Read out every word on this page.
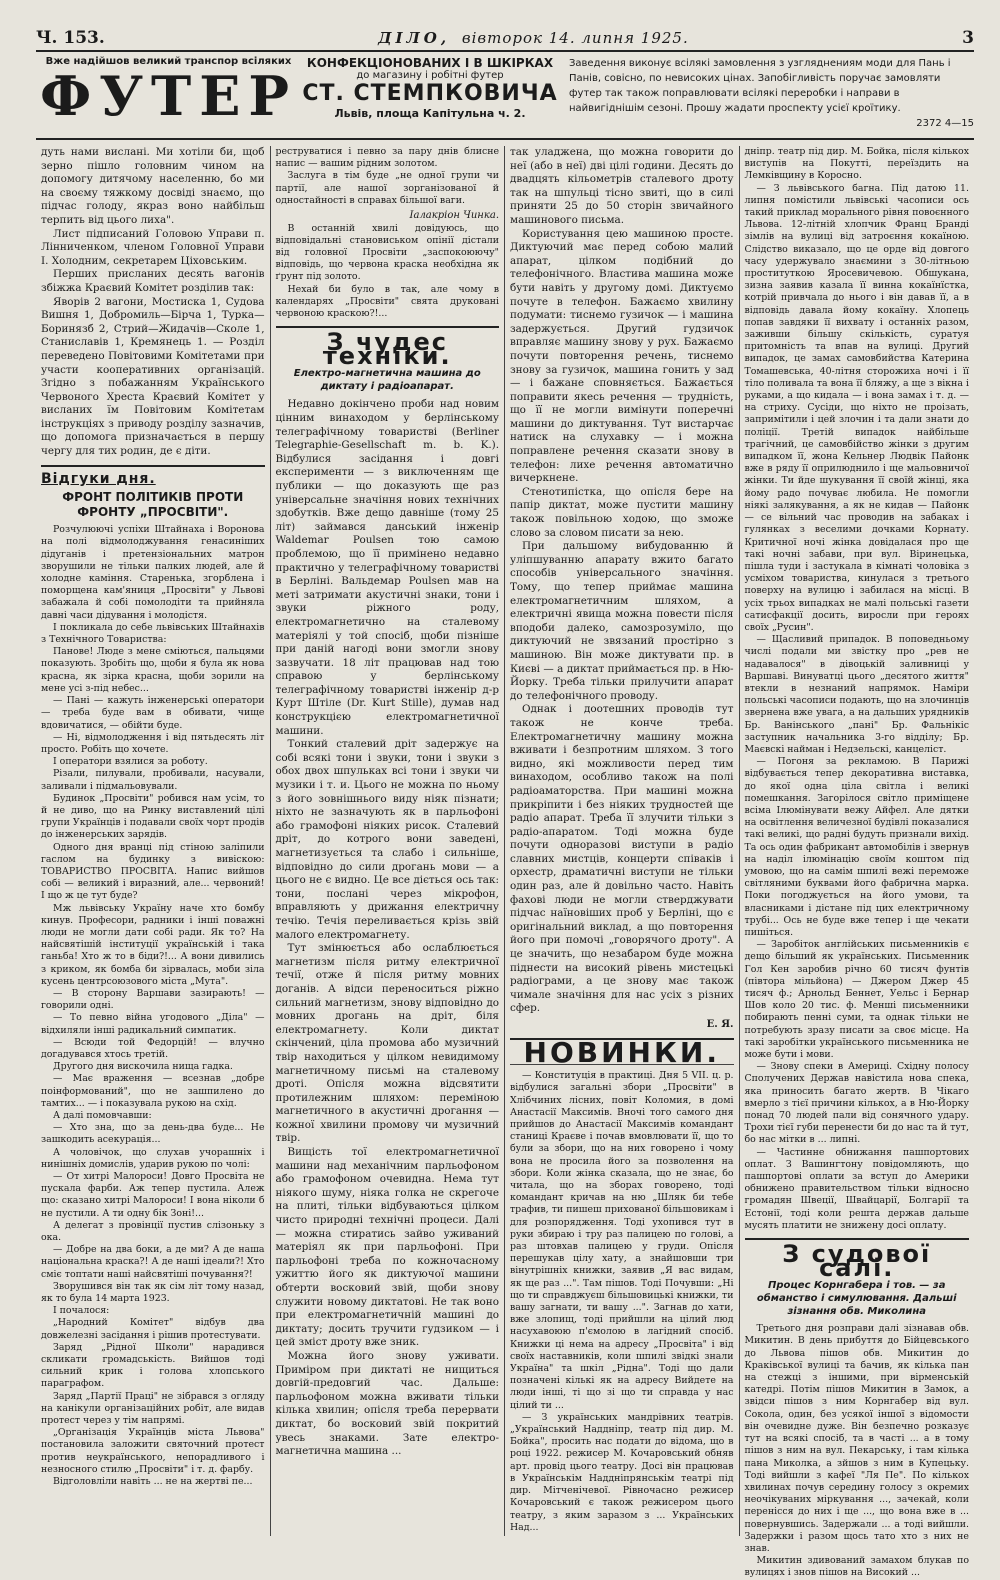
Ч. 153.	ДІЛО, вівторок 14. липня 1925.	3
Вже надійшов великий транспор всіляких
ФУТЕР
КОНФЕКЦІОНОВАНИХ І В ШКІРКАХ
до магазину і робітні футер
СТ. СТЕМПКОВИЧА
Львів, площа Капітульна ч. 2.
Заведення виконує всілякі замовлення з узгляднениям моди для Пань і Панів, совісно, по невисоких цінах. Запобігливість поручає замовляти футер так також поправлювати всілякі переробки і направи в найвигіднішім сезоні. Прошу жадати проспекту усієї кроїтику.
2372 4—15

дуть нами вислані. Ми хотіли би, щоб зерно пішло головним чином на допомогу дитячому населенню, бо ми на своєму тяжкому досвіді знаємо, що підчас голоду, якраз воно найбільш терпить від цього лиха".

Лист підписаний Головою Управи п. Лінниченком, членом Головної Управи І. Холодним, секретарем Ціховським.

Перших присланих десять вагонів збіжжа Краєвий Комітет розділив так:

Яворів 2 вагони, Мостиска 1, Судова Вишня 1, Добромиль—Бірча 1, Турка—Боринязб 2, Стрий—Жидачів—Сколе 1, Станиславів 1, Кремянець 1. — Розділ переведено Повітовими Комітетами при участи кооперативних організацій. Згідно з побажанням Українського Червоного Хреста Краєвий Комітет у висланих їм Повітовим Комітетам інструкціях з приводу розділу зазначив, що допомога призначається в першу чергу для тих родин, де є діти.

Відгуки дня.
ФРОНТ ПОЛІТИКІВ ПРОТИ ФРОНТУ „ПРОСВІТИ".

Розчулюючі успіхи Штайнаха і Воронова на полі відмолоджування генасиніших дідуганів і претензіональних матрон зворушили не тільки палких людей, але й холодне каміння. Старенька, згорблена і поморщена кам'яниця „Просвіти" у Львові забажала й собі помолодіти та прийняла давні часи дідування і молодістя.

І покликала до себе львівських Штайнахів з Технічного Товариства:

Панове! Люде з мене сміються, пальцями показують. Зробіть що, щоби я була як нова красна, як зірка красна, щоби зорили на мене усі з-під небес...

— Пані — кажуть інженерські оператори — треба буде вам в обивати, чище вдовичатися, — обійти буде.

— Ні, відмолодження і від пятьдесять літ просто. Робіть що хочете.

І оператори взялися за роботу.

Різали, пилували, пробивали, насували, заливали і підмальовували.

Будинок „Просвіти" робився нам усім, то й не диво, що на Ринку виставлений цілі групи Українців і подавали своїх чорт продів до інженерських зарядів.

Одного дня вранці під стіною заліпили гаслом на будинку з вивіскою: ТОВАРИСТВО ПРОСВІТА. Напис вийшов собі — великий і виразний, але... червоний! І що ж це тут буде?

Мж львівську Україну наче хто бомбу кинув. Професори, радники і інші поважні люди не могли дати собі ради. Як то? На найсвятішій інституції українській і така ганьба! Хто ж то в біди?!... А вони дивились з криком, як бомба би зірвалась, моби зіла кусень центрсоюзового міста „Мута".

— В сторону Варшави зазирають! — говорили одні.

— То певно війна угодового „Діла" — відхиляли інші радикальний симпатик.

— Всюди той Федорцій! — влучно догадувався хтось третій.

Другого дня вискочила нища гадка.

— Має враження — всезнав „добре поінформований", що не зашпилено до тамтих... — і показувала рукою на схід.

А далі помовчавши:

— Хто зна, що за день-два буде... Не зашкодить асекурація...

А чоловічок, що слухав учорашніх і нинішніх домислів, ударив рукою по чолі:

— От хитрі Малороси! Довго Просвіта не пускала фарби. Аж тепер пустила. Алеж що: сказано хитрі Малороси! І вона ніколи б не пустили. А ти одну бік Зоні!...

А делегат з провінції пустив слізоньку з ока.

— Добре на два боки, а де ми? А де наша національна краска?! А де наші ідеали?! Хто сміє топтати наші найсвятіші почування?!

Зворушився він так як сім літ тому назад, як то була 14 марта 1923.

І почалося:

„Народний Комітет" відбув два довжелезні засідання і рішив протестувати.

Заряд „Рідної Школи" нарадився скликати громадськість. Вийшов тоді сильний крик і голова хлопського параграфом.

Заряд „Партії Праці" не зібрався з огляду на канікули організаційних робіт, але видав протест через у тім напрямі.

„Організація Українців міста Львова" постановила заложити святочний протест против неукраїнського, непорадливого і незносного стилю „Просвіти" і т. д. фарбу.

Відголовліли навіть ... не на жертві пе...

реструватися і певно за пару днів блисне напис — вашим рідним золотом.

Заслуга в тім буде „не одної групи чи партії, але нашої зорганізованої й одностайності в справах більшої ваги.

Іалакріон Чинка.

В останній хвилі довідуюсь, що відповідальні становиськом опінії дістали від головної Просвіти „заспокоюючу" відповідь, що червона краска необхідна як ґрунт під золото.

Нехай би було в так, але чому в календарях „Просвіти" свята друковані червоною краскою?!...

З чудес техніки.
Електро-магнетична машина до диктату і радіоапарат.

Недавно докінчено проби над новим цінним винаходом у берлінському телеграфічному товаристві (Berliner Telegraphie-Gesellschaft m. b. K.). Відбулися засідання і довгі експерименти — з виключенням ще публики — що доказують ще раз універсальне значіння нових технічних здобутків. Вже дещо давніше (тому 25 літ) займався данський інженір Waldemar Poulsen тою самою проблемою, що її примінено недавно практично у телеграфічному товаристві в Берліні. Вальдемар Poulsen мав на меті затримати акустичні знаки, тони і звуки ріжного роду, електромагнетично на сталевому матеріялі у той спосіб, щоби пізніше при данiй нагоді вони змогли знову зазвучати. 18 літ працював над тою справою у берлінському телеграфічному товаристві інженір д-р Курт Штіле (Dr. Kurt Stille), думав над конструкцією електромагнетичної машини.

Тонкий сталевий дріт задержує на собі всякі тони і звуки, тони і звуки з обох двох шпульках всі тони і звуки чи музики і т. и. Цього не можна по ньому з його зовнішнього виду ніяк пізнати; ніхто не зазначують як в парльофоні або грамофоні ніяких рисок. Сталевий дріт, до котрого вони заведені, магнетизується та слабо і сильніше, відповідно до сили дрогань мови — а цього не є видно. Це все діється ось так: тони, послані через мікрофон, вправляють у дрижання електричну течію. Течія переливається крізь звій малого електромагнету.

Тут змінюється або ослаблюється магнетизм після ритму електричної течії, отже й після ритму мовних доганів. А відси переноситься ріжно сильний магнетизм, знову відповідно до мовних дрогань на дріт, біля електромагнету. Коли диктат скінчений, ціла промова або музичний твір находиться у цілком невидимому магнетичному письмі на сталевому дроті. Опісля можна відсвятити протилежним шляхом: переміною магнетичного в акустичні дрогання — кожної хвилини промову чи музичний твір.

Вищість тої електромагнетичної машини над механічним парльофоном або грамофоном очевидна. Нема тут ніякого шуму, ніяка голка не скрегоче на плиті, тільки відбуваються цілком чисто природні технічні процеси. Далі — можна стиратись зайво уживаний матеріял як при парльофоні. При парльофоні треба по кожночасному ужиттю його як диктуючої машини обтерти восковий звій, щоби знову служити новому диктатові. Не так воно при електромагнетичній машині до диктату; досить тручити гудзиком — і цей зміст дроту вже зник.

Можна його знову уживати. Приміром при диктаті не нищиться довгій-предовгий час. Дальше: парльофоном можна вживати тільки кілька хвилин; опісля треба перервати диктат, бо восковий звій покритий увесь знаками. Зате електро-магнетична машина ...

так уладжена, що можна говорити до неї (або в неї) дві цілі години. Десять до двадцять кільометрів сталевого дроту так на шпульці тісно звиті, що в силі приняти 25 до 50 сторін звичайного машинового письма.

Користування цею машиною просте. Диктуючий має перед собою малий апарат, цілком подібний до телефонічного. Властива машина може бути навіть у другому домі. Диктуємо почуте в телефон. Бажаємо хвилину подумати: тиснемо гузичок — і машина задержується. Другий гудзичок вправляє машину знову у рух. Бажаємо почути повторення речень, тиснемо знову за гузичок, машина гонить у зад — і бажане сповняється. Бажається поправити якесь речення — трудність, що її не могли вимінути поперечні машини до диктування. Тут вистарчає натиск на слухавку — і можна поправлене речення сказати знову в телефон: лихе речення автоматично вичеркнене.

Стенотипістка, що опісля бере на папір диктат, може пустити машину також повільною ходою, що зможе слово за словом писати за нею.

При дальшому вибудованню й уліпшуванню апарату вжито багато способів універсального значіння. Тому, що тепер приймає машина електромагнетичним шляхом, а електричні явища можна повести після вподоби далеко, самозрозуміло, що диктуючий не звязаний простірно з машиною. Він може диктувати пр. в Києві — а диктат приймається пр. в Ню-Йорку. Треба тільки прилучити апарат до телефонічного проводу.

Однак і доотешних проводів тут також не конче треба. Електромагнетичну машину можна вживати і безпротним шляхом. З того видно, які можливости перед тим винаходом, особливо також на полі радіоаматорства. При машині можна прикріпити і без ніяких трудностей ще радіо апарат. Треба її злучити тільки з радіо-апаратом. Тоді можна буде почути одноразові виступи в радіо славних мистців, концерти співаків і орхестр, драматичні виступи не тільки один раз, але й довільно часто. Навіть фахові люди не могли стверджувати підчас наїновіших проб у Берліні, що є оригінальний виклад, а що повторення його при помочі „говорячого дроту". А це значить, що незабаром буде можна піднести на високий рівень мистецькі радіограми, а це знову має також чимале значіння для нас усіх з різних сфер.

Е. Я.
НОВИНКИ.

— Конституція в практиці. Дня 5 VII. ц. р. відбулися загальні збори „Просвіти" в Хлібчиних лісних, повіт Коломия, в домі Анастасії Максимів. Вночі того самого дня прийшов до Анастасії Максимів командант станиці Краєве і почав вмовлювати її, що то були за збори, що на них говорено і чому вона не просила його за позволення на збори. Коли жінка сказала, що не знає, бо читала, що на зборах говорено, тоді командант кричав на ню „Шляк би тебе трафив, ти пишеш прихованої більшовикам і для розпорядження. Тоді ухопився тут в руки збираю і тру раз палицею по голові, а раз штовхав палицею у груди. Опісля перешукав цілу хату, а знайшовши три вінутрішніх книжки, заявив „Я вас видам, як ще раз ...". Там пішов. Тоді Почувши: „Ні що ти справджуєш більшовицькі книжки, ти вашу загнати, ти вашу ...". Загнав до хати, вже злопищ, тоді прийшли на цілий люд насухавоюю п'ємолою в лагідний спосіб. Книжки ці нема на адресу „Просвіта" і від своїх наставників, коли шпилі звідкі знали Україна" та шкіл „Рідна". Тоді що дали позначені кількі як на адресу Вийдете на люди інші, ті що зі що ти справда у нас цілий ти ...

— З українських мандрівних театрів. „Український Наддніпр, театр під дир. М. Бойка", просить нас подати до відома, що в році 1922. режисер М. Кочаровський обняв арт. провід цього театру. Досі він працював в Українськім Наддніпрянськім театрі під дир. Мітченічевої. Рівночасно режисер Кочаровський є також режисером цього театру, з яким заразом з ... Українських Над...

дніпр. театр під дир. М. Бойка, після кількох виступів на Покутті, переїздить на Лемківщину в Коросно.

— З львівського багна. Під датою 11. липня помістили львівські часописи ось такий приклад морального рівня повоєнного Львова. 12-літній хлопчик Франц Бранді зімлів на вулиці від затроєння кокаїною. Слідство виказало, що це орде від довгого часу удержувало знаємини з 30-літньою проституткою Яросевичевою. Обшукана, зизна заявив казала її винна кокаїнїстка, котрій привчала до нього і він давав її, а в відповідь давала йому кокаїну. Хлопець попав завдяки її вихвату і останніх разом, заживши більшу скількість, суратуя притомність та впав на вулиці. Другий випадок, це замах самовбийства Катерина Томашевська, 40-літня сторожиха ночі і її тіло поливала та вона її бляжу, а ще з вікна і руками, а що кидала — і вона замах і т. д. — на стриху. Сусіди, що ніхто не проізать, запримітили і цей злочин і та дали знати до поліції. Третій випадок найбільше трагічний, це самовбійство жінки з другим випадком її, жона Кельнер Людвік Пайонк вже в ряду її оприлюднило і ще мальовничої жінки. Ти йде шукування її своїй жінці, яка йому радо почуває любила. Не помогли ніякі залякування, а як не кидав — Пайонк — се вільний час проводив на забаках і гулянках з веселими дочками Корнату. Критичної ночі жінка довідалася про ще такі ночні забави, при вул. Віринецька, пішла туди і застукала в кімнаті чоловіка з усміхом товариства, кинулася з третього поверху на вулицю і забилася на місці. В усіх трьох випадках не малі польські газети сатисфакції досить, виросли при героях своїх „Русин".

— Щасливий припадок. В поповедньому числі подали ми звістку про „рев не надавалося" в дівоцькій заливниці у Варшаві. Винуватці цього „десятого життя" втекли в незнаний напрямок. Наміри польські часописи подають, що на злочинців звернена вже увага, а на дальших урядників Бр. Ванінського „пані" Бр. Фальнікіс заступник начальника 3-го відділу; Бр. Маєвскі найман і Недзельскі, канцеліст.

— Погоня за рекламою. В Парижі відбувається тепер декоративна виставка, до якої одна ціла світла і великі помешкання. Загорілося світло приміщене всіма Ілюмінувати вежу Айфел. Але дятки на освітлення величезної будівлі показалися такі великі, що радні будуть признали вихід. Та ось один фабрикант автомобілів і звернув на наділ ілюмінацію своїм коштом під умовою, що на самім шпилі вежі переможе світляними буквами його фабрична марка. Поки погоджується на його умови, та власниками і дістане під цих електричному трубі... Ось не буде вже тепер і ще чекати пишіться.

— Заробіток англійських письменників є дещо більший як українських. Письменник Гол Кен заробив річно 60 тисяч фунтів (півтора мільйона) — Джером Джер 45 тисяч ф.; Арнольд Беннет, Уельс і Бернар Шов коло 20 тис. ф. Менші письменники побирають пенні суми, та однак тільки не потребують зразу писати за своє місце. На такі заробітки українського письменника не може бути і мови.

— Знову спеки в Америці. Східну полосу Сполучених Держав навістила нова спека, яка приносить багато жертв. В Чікаго вмерло з тієї причини кількох, а в Ню-Йорку понад 70 людей пали від сонячного удару. Трохи тієї губи перенести би до нас та й тут, бо нас мітки в ... липні.

— Частинне обнижання пашпортових оплат. З Вашингтону повідомляють, що пашпортові оплати за вступ до Америки обнижено правительством тільки відносно громадян Швеції, Швайцарії, Болгарії та Естонії, тоді коли решта держав дальше мусять платити не знижену досі оплату.

З судової салі.
Процес Корнгабера і тов. — за обманство і симулювання. Дальші зізнання обв. Миколина

Третього дня розправи далі зізнавав обв. Микитин. В день прибуття до Бійцевського до Львова пішов обв. Микитин до Краківської вулиці та бачив, як кілька пан на стежці з іншими, при вірменській катедрі. Потім пішов Микитин в Замок, а звідси пішов з ним Корнгабер від вул. Сокола, один, без усякої іншої з відомости він очевидне дуже. Він безпечно розказує тут на всякі спосіб, та в часті ... а в тому пішов з ним на вул. Пекарську, і там кілька пана Миколка, а зйшов з ним в Купецьку. Тоді вийшли з кафеї "Ля Пе". По кількох хвилинах почув середину голосу з окремих неочікуваних міркування ..., зачекай, коли перенісся до них і ще ..., що вона вже в ... повернувшись. Задержали ... а тоді вийшли. Задержки і разом щось тато хто з них не знав.

Микитин здивований замахом блукав по вулицях і знов пішов на Високий ...
